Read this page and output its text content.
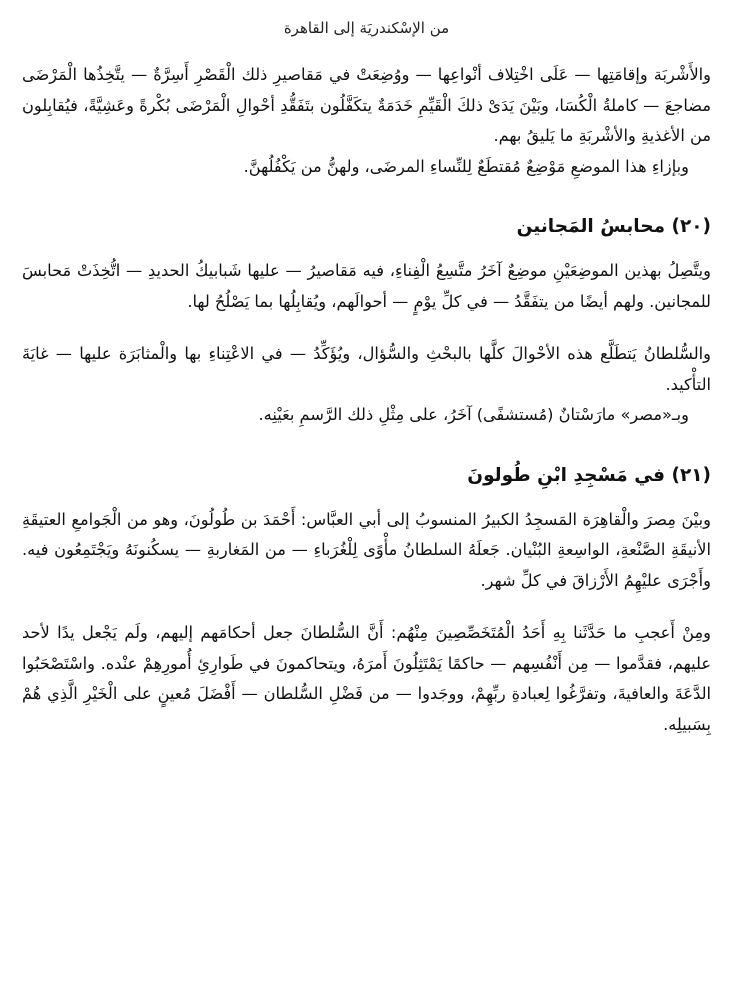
من الإسْكندريَة إلى القاهرة

والأَشْربَة وإقامَتِها — عَلَى اخْتِلاف أنْواعِها — ووُضِعَتْ في مَقاصيرِ ذلك الْقَصْرِ أَسِرَّةٌ — يتَّخِذُها الْمَرْضَى مضاجعَ — كاملةُ الْكُسَا، وبَيْنَ يَدَىْ ذلكَ الْقَيِّمِ خَدَمَةٌ يتكَفَّلُون بتَفَقُّدِ أحْوالِ الْمَرْضَى بُكْرةً وعَشِيَّةً، فيُقابِلون من الأغذيةِ والأشْربَةِ ما يَليقُ بهم.

وبإزاءِ هذا الموضعِ مَوْضِعٌ مُقتطَعٌ لِلنِّساءِ المرضَى، ولهنُّ من يَكْفُلُهنَّ.

(٢٠) محابسُ المَجانين

ويتَّصِلُ بهذين الموضِعَيْنِ موضِعٌ آخَرُ متَّسِعُ الْفِناءِ، فيه مَقاصيرُ — عليها شَبابيكُ الحديدِ — اتُّخِذَتْ مَحابسَ للمجانين. ولهم أيضًا من يتفَقَّدُ — في كلِّ يوْمٍ — أحوالَهم، ويُقابِلُها بما يَصْلُحُ لها.

والسُّلطانُ يَتطَلَّع هذه الأحْوالَ كلَّها بالبحْثِ والسُّؤال، ويُؤَكِّدُ — في الاعْتِناءِ بها والْمثابَرَة عليها — غايَةَ التأْكيد.

وبـ«مصر» مارَسْتانٌ (مُستشفًى) آخَرُ، على مِثْلِ ذلك الرَّسمِ بعَيْنِه.

(٢١) في مَسْجِدِ ابْنِ طُولونَ

وبيْنَ مِصرَ والْقاهِرَة المَسجِدُ الكبيرُ المنسوبُ إلى أبي العبَّاس: أَحْمَدَ بن طُولُونَ، وهو من الْجَوامعِ العتيقَةِ الأنيقَةِ الصَّنْعةِ، الواسِعةِ البُنْيان. جَعلَهُ السلطانُ مأْوًى لِلْغُرَباءِ — من المَغاربةِ — يسكُنونَهُ ويَجْتَمِعُون فيه. وأَجْرَى عليْهِمُ الأَرْزاقَ في كلِّ شهر.

ومِنْ أَعجبِ ما حَدَّثَنا بِهِ أَحَدُ الْمُتَخَصِّصِينَ مِنْهُم: أَنَّ السُّلطانَ جعل أحكامَهم إليهم، ولَم يَجْعل يدًا لأحد عليهم، فقدَّموا — مِن أَنْفُسِهم — حاكمًا يَمْتَثِلُونَ أَمرَهُ، ويتحاكمونَ في طَوارِئِ أُمورِهِمْ عنْده. واسْتَصْحَبُوا الدَّعَةَ والعافيةَ، وتفرَّغُوا لِعبادةِ ربِّهِمْ، ووجَدوا — من فَضْلِ السُّلطان — أَفْضَلَ مُعينٍ على الْخَيْرِ الَّذِي هُمْ بِسَبيلِه.
